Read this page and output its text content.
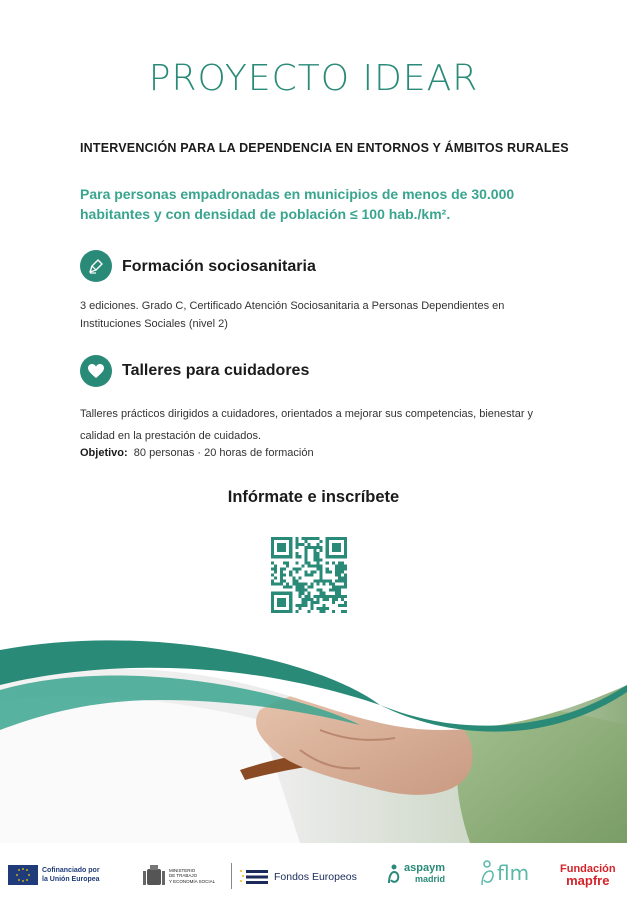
PROYECTO IDEAR
INTERVENCIÓN PARA LA DEPENDENCIA EN ENTORNOS Y ÁMBITOS RURALES
Para personas empadronadas en municipios de menos de 30.000 habitantes y con densidad de población ≤ 100 hab./km².
Formación sociosanitaria
3 ediciones. Grado C, Certificado Atención Sociosanitaria a Personas Dependientes en Instituciones Sociales (nivel 2)
Talleres para cuidadores
Talleres prácticos dirigidos a cuidadores, orientados a mejorar sus competencias, bienestar y calidad en la prestación de cuidados.
Objetivo: 80 personas · 20 horas de formación
Infórmate e inscríbete
Cofinanciado por
la Unión Europea
MINISTERIO
DE TRABAJO
Y ECONOMÍA SOCIAL	Fondos Europeos
aspaym
madrid	flm	Fundación
mapfre
